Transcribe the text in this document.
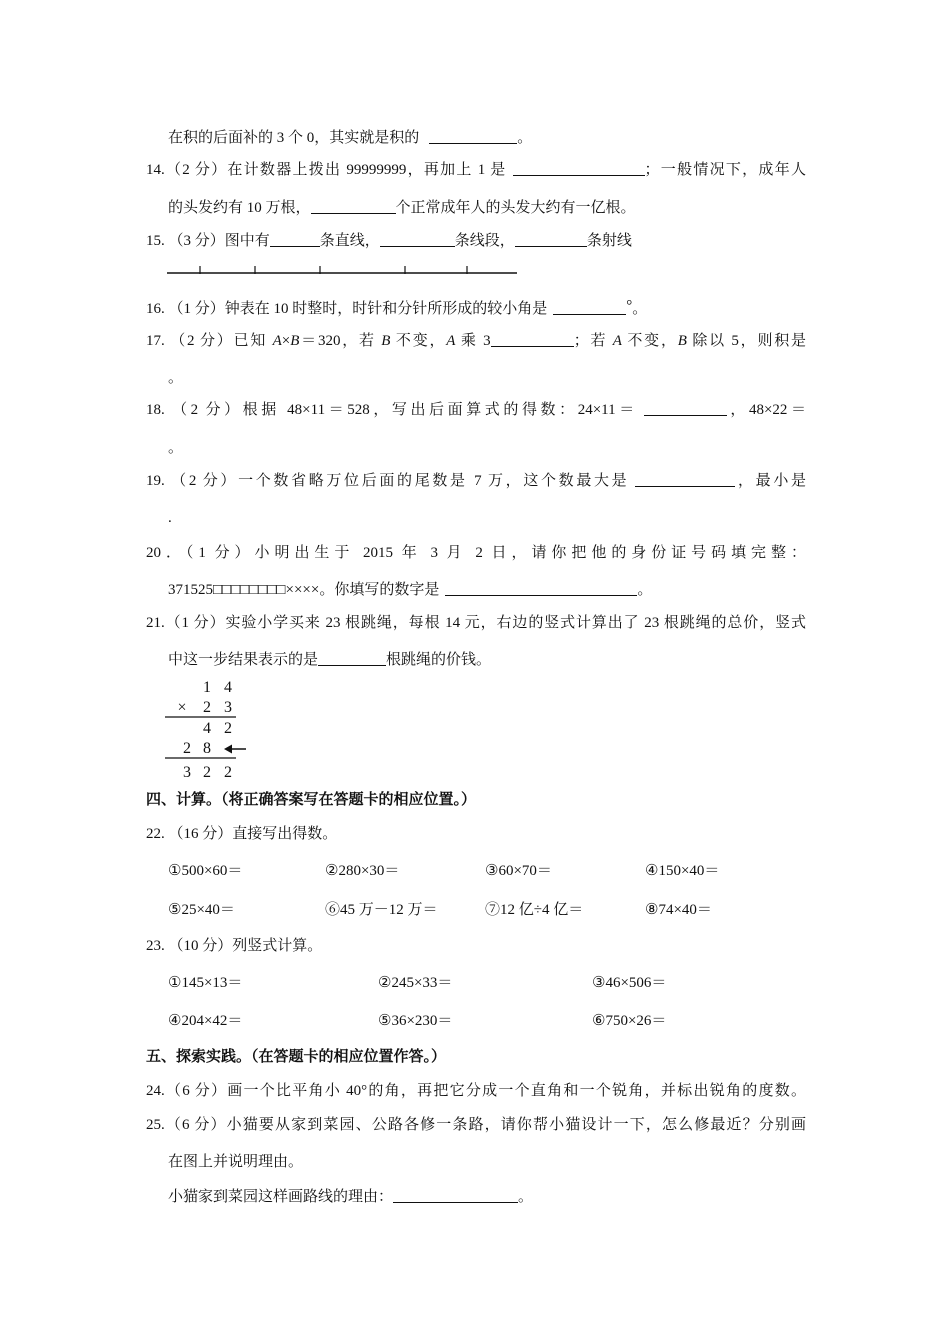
在积的后面补的 3 个 0，其实就是积的	。
14.（2 分）在计数器上拨出 99999999，再加上 1 是	；一般情况下，成年人
的头发约有 10 万根，	个正常成年人的头发大约有一亿根。
15. （3 分）图中有	条直线，	条线段，	条射线
16. （1 分）钟表在 10 时整时，时针和分针所形成的较小角是	°。
17. （2 分）已知 A×B＝320，若 B 不变，A 乘 3	；若 A 不变，B 除以 5，则积是
。
18. （2 分）根据 48×11＝528，写出后面算式的得数：24×11＝	，48×22＝
。
19. （2 分）一个数省略万位后面的尾数是 7 万，这个数最大是	，最小是
.
20．（1 分）小明出生于 2015 年 3 月 2 日，请你把他的身份证号码填完整：
371525□□□□□□□□××××。你填写的数字是	。
21.（1 分）实验小学买来 23 根跳绳，每根 14 元，右边的竖式计算出了 23 根跳绳的总价，竖式
中这一步结果表示的是	根跳绳的价钱。
1 4
× 2 3
4 2
2 8
3 2 2
四、计算。（将正确答案写在答题卡的相应位置。）
22. （16 分）直接写出得数。
①500×60＝	②280×30＝	③60×70＝	④150×40＝
⑤25×40＝	⑥45 万－12 万＝	⑦12 亿÷4 亿＝	⑧74×40＝
23. （10 分）列竖式计算。
①145×13＝	②245×33＝	③46×506＝
④204×42＝	⑤36×230＝	⑥750×26＝
五、探索实践。（在答题卡的相应位置作答。）
24.（6 分）画一个比平角小 40°的角，再把它分成一个直角和一个锐角，并标出锐角的度数。
25.（6 分）小猫要从家到菜园、公路各修一条路，请你帮小猫设计一下，怎么修最近？分别画
在图上并说明理由。
小猫家到菜园这样画路线的理由：	。
